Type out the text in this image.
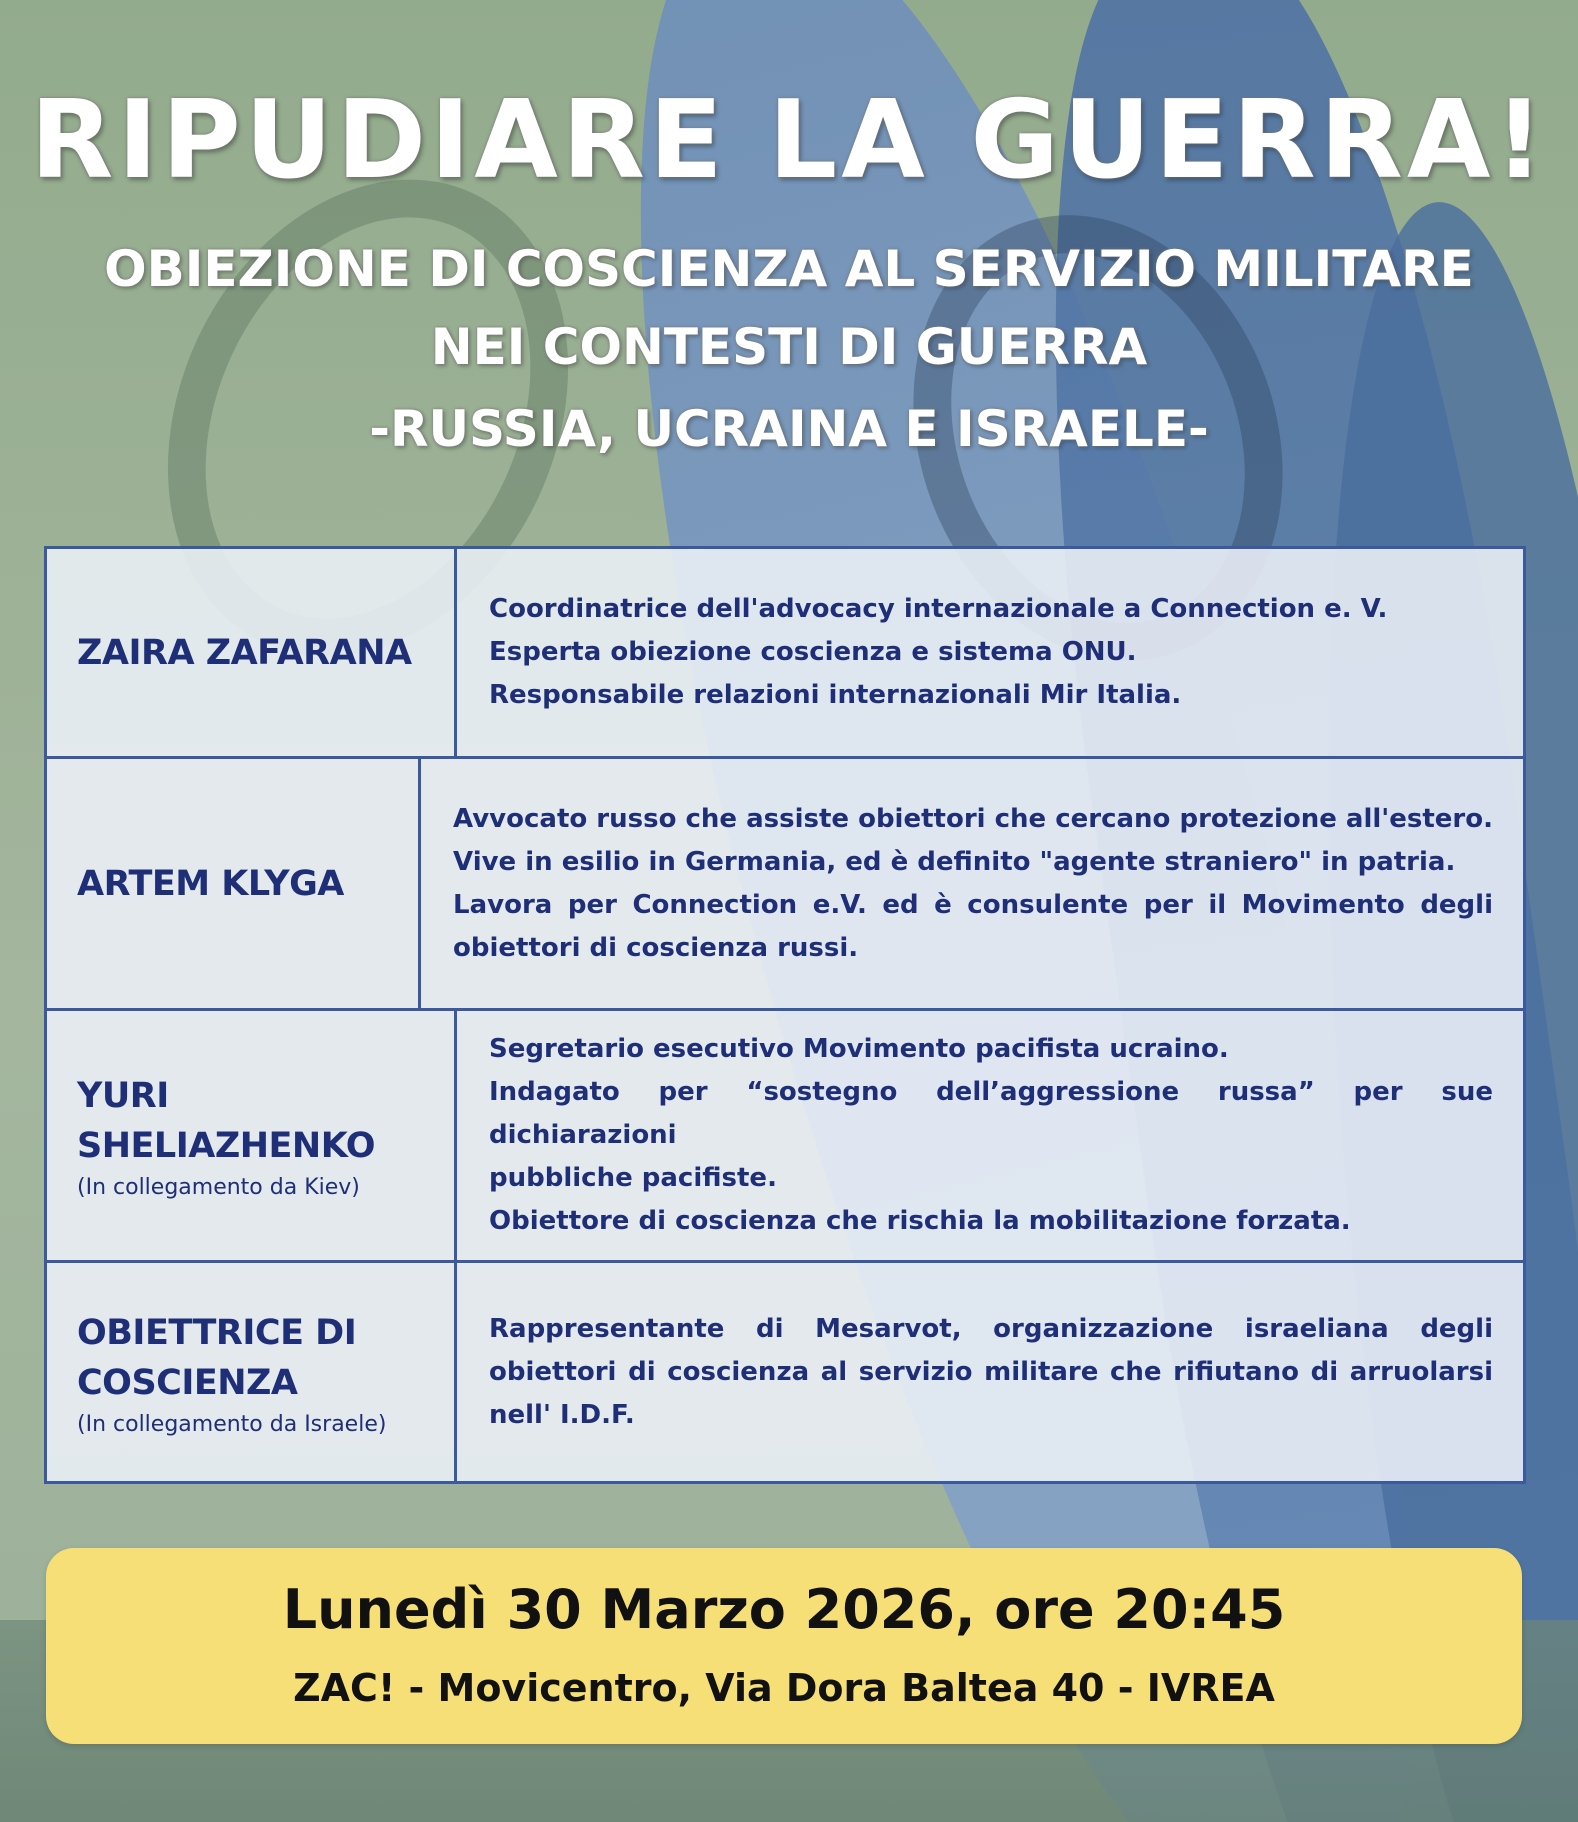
RIPUDIARE LA GUERRA!
OBIEZIONE DI COSCIENZA AL SERVIZIO MILITARE
NEI CONTESTI DI GUERRA
-RUSSIA, UCRAINA E ISRAELE-
ZAIRA ZAFARANA
Coordinatrice dell'advocacy internazionale a Connection e. V.
Esperta obiezione coscienza e sistema ONU.
Responsabile relazioni internazionali Mir Italia.
ARTEM KLYGA
Avvocato russo che assiste obiettori che cercano protezione all'estero.
Vive in esilio in Germania, ed è definito "agente straniero" in patria.
Lavora per Connection e.V. ed è consulente per il Movimento degli
obiettori di coscienza russi.
YURI
SHELIAZHENKO
(In collegamento da Kiev)
Segretario esecutivo Movimento pacifista ucraino.
Indagato per “sostegno dell’aggressione russa” per sue dichiarazioni
pubbliche pacifiste.
Obiettore di coscienza che rischia la mobilitazione forzata.
OBIETTRICE DI
COSCIENZA
(In collegamento da Israele)
Rappresentante di Mesarvot, organizzazione israeliana degli
obiettori di coscienza al servizio militare che rifiutano di arruolarsi
nell' I.D.F.
Lunedì 30 Marzo 2026, ore 20:45
ZAC! - Movicentro, Via Dora Baltea 40 - IVREA
